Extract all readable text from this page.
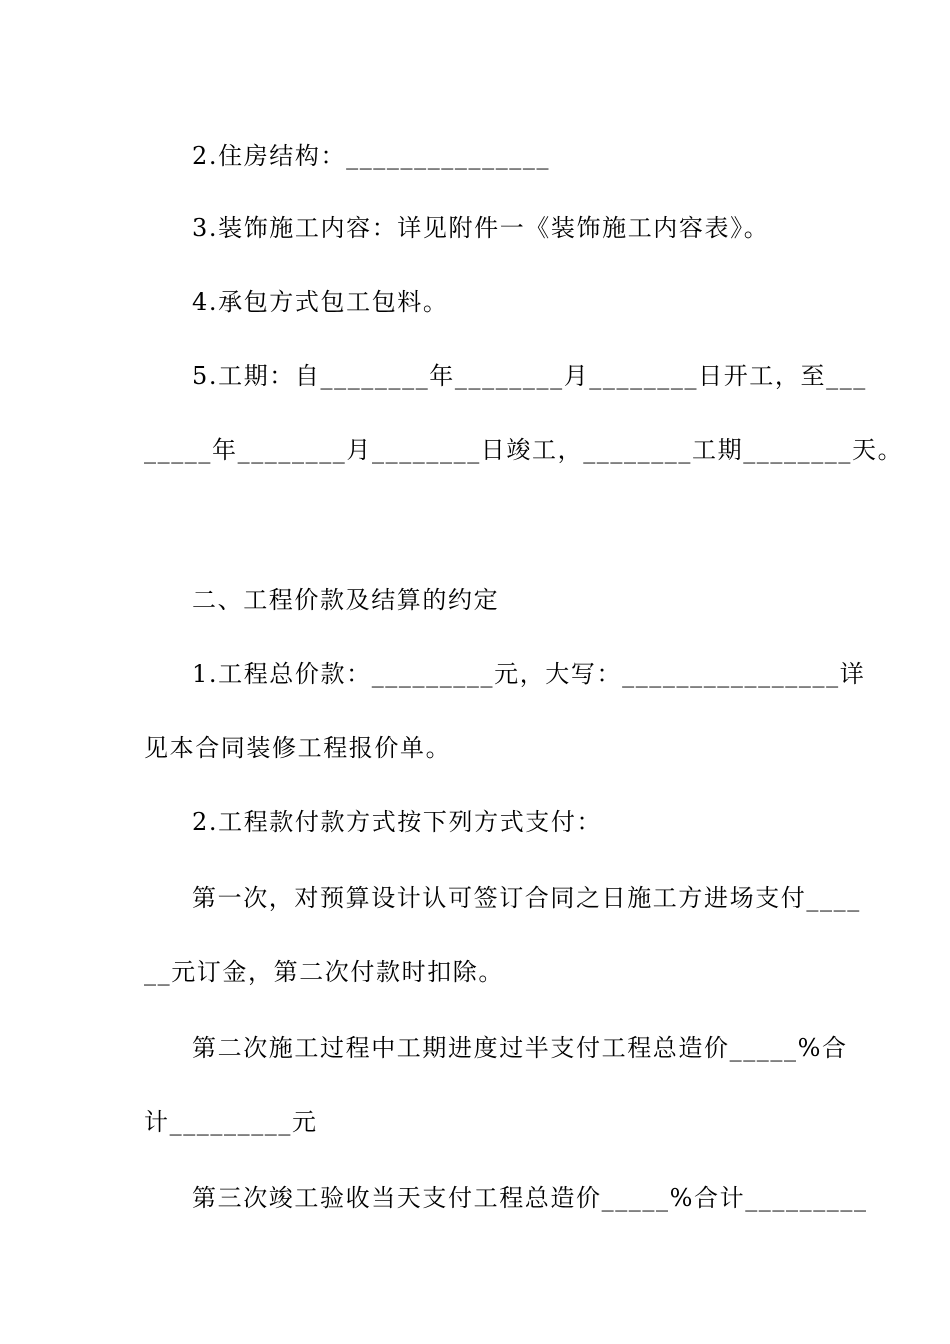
2.住房结构：_______________
3.装饰施工内容：详见附件一《装饰施工内容表》。
4.承包方式包工包料。
5.工期：自________年________月________日开工，至___
_____年________月________日竣工，________工期________天。
二、工程价款及结算的约定
1.工程总价款：_________元，大写：________________详
见本合同装修工程报价单。
2.工程款付款方式按下列方式支付：
第一次，对预算设计认可签订合同之日施工方进场支付____
__元订金，第二次付款时扣除。
第二次施工过程中工期进度过半支付工程总造价_____%合
计_________元
第三次竣工验收当天支付工程总造价_____%合计_________
